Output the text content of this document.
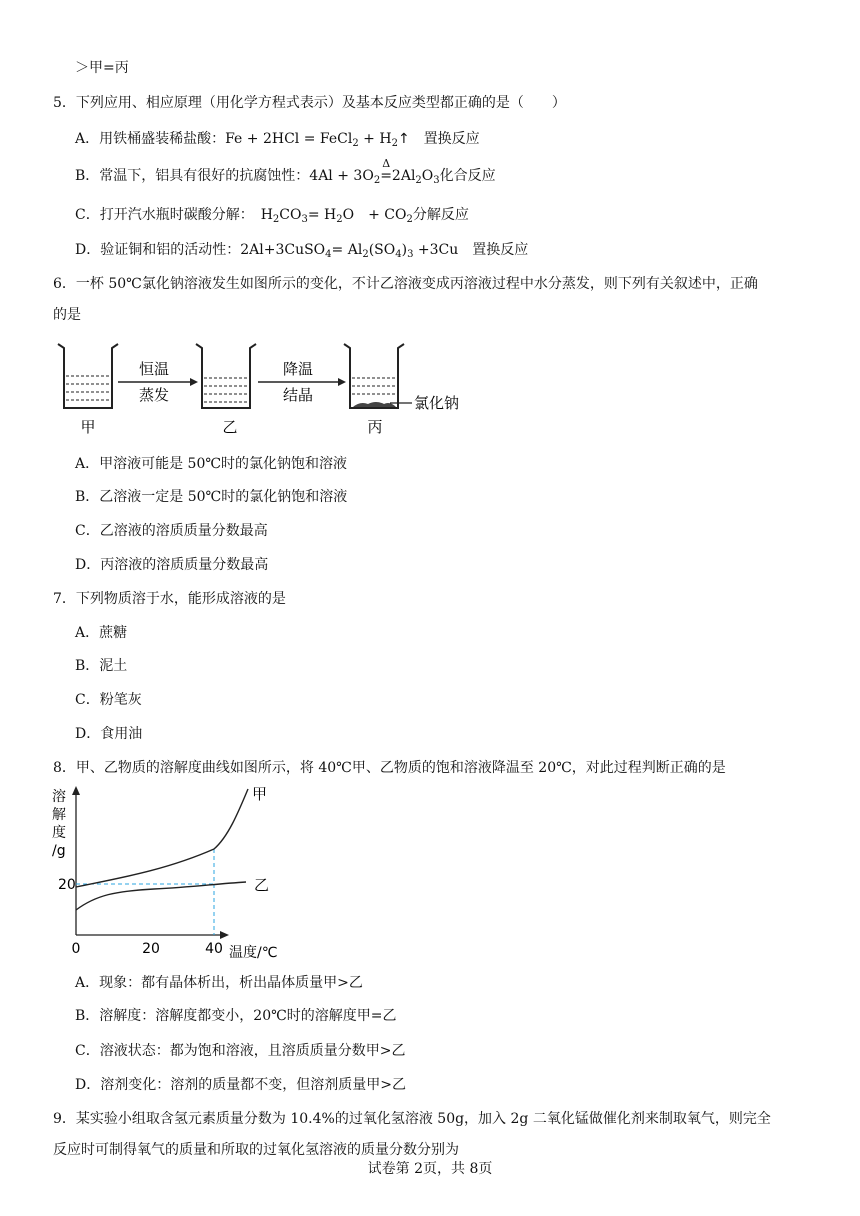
＞甲=丙
5．下列应用、相应原理（用化学方程式表示）及基本反应类型都正确的是（　　）
A．用铁桶盛装稀盐酸：Fe + 2HCl = FeCl$_2$ + $H_2↑$　置换反应
B．常温下，铝具有很好的抗腐蚀性：$4Al + 3O_2$
Δ
$=2Al_2O_3$化合反应
C．打开汽水瓶时碳酸分解：　$H_2CO_3= H_2O$　+ $CO_2$分解反应
D．验证铜和铝的活动性：2Al+3CuSO$_4$= $Al_2(SO_4)_3 +3Cu$　置换反应
6．一杯 50℃氯化钠溶液发生如图所示的变化，不计乙溶液变成丙溶液过程中水分蒸发，则下列有关叙述中，正确
的是
甲
恒温
蒸发
乙
降温
结晶
丙
氯化钠
A．甲溶液可能是 50℃时的氯化钠饱和溶液
B．乙溶液一定是 50℃时的氯化钠饱和溶液
C．乙溶液的溶质质量分数最高
D．丙溶液的溶质质量分数最高
7．下列物质溶于水，能形成溶液的是
A．蔗糖
B．泥土
C．粉笔灰
D．食用油
8．甲、乙物质的溶解度曲线如图所示，将 40℃甲、乙物质的饱和溶液降温至 20℃，对此过程判断正确的是
溶
解
度
/g
甲
乙
20
0	20	40 温度/℃
A．现象：都有晶体析出，析出晶体质量甲>乙
B．溶解度：溶解度都变小，20℃时的溶解度甲=乙
C．溶液状态：都为饱和溶液，且溶质质量分数甲>乙
D．溶剂变化：溶剂的质量都不变，但溶剂质量甲>乙
9．某实验小组取含氢元素质量分数为 10.4%的过氧化氢溶液 50g，加入 2g 二氧化锰做催化剂来制取氧气，则完全
反应时可制得氧气的质量和所取的过氧化氢溶液的质量分数分别为
试卷第 2页，共 8页
